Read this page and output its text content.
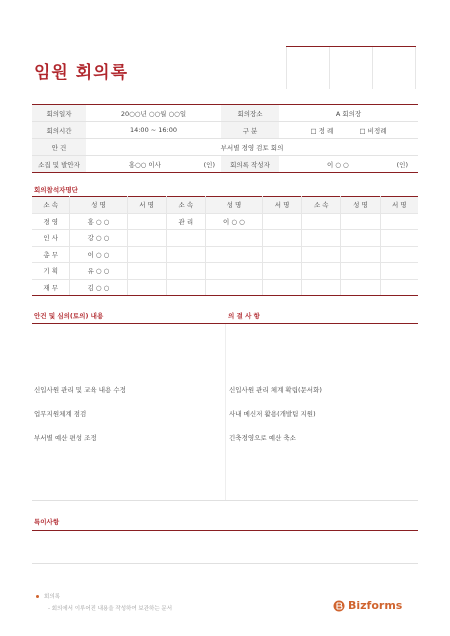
임원 회의록
회의일자	20○○년 ○○월 ○○일	회의장소	A 회의장
회의시간	14:00 ~ 16:00	구 분	□ 정 례 □ 비정례
안 건	부서별 경영 검토 회의		
소집 및 발안자	홍○○ 이사 (인)	회의록 작성자	이 ○ ○ (인)
회의참석자명단
소 속	성 명	서 명	소 속	성 명	서 명	소 속	성 명	서 명
경 영	홍 ○ ○		관 리	이 ○ ○				
인 사	강 ○ ○							
총 무	이 ○ ○							
기 획	유 ○ ○							
재 무	김 ○ ○							
안건 및 심의(토의) 내용	의 결 사 항
신입사원 관리 및 교육 내용 수정
업무지원체계 점검
부서별 예산 편성 조정
신입사원 관리 체계 확립(문서화)
사내 메신저 활용(개발팀 지원)
긴축경영으로 예산 축소
특이사항
회의록
- 회의에서 이루어진 내용을 작성하여 보관하는 문서	Bizforms
